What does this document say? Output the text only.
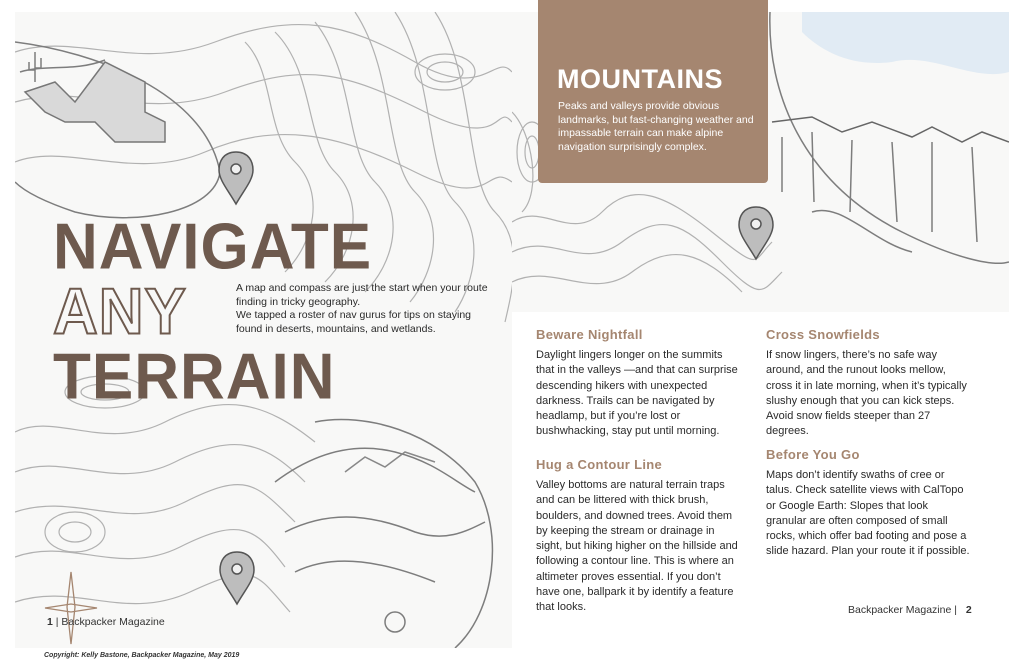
NAVIGATE
ANY
TERRAIN

A map and compass are just the start when your route finding in tricky geography.

We tapped a roster of nav gurus for tips on staying found in deserts, mountains, and wetlands.

1 | Backpacker Magazine
MOUNTAINS

Peaks and valleys provide obvious landmarks, but fast-changing weather and impassable terrain can make alpine navigation surprisingly complex.

Beware Nightfall

Daylight lingers longer on the summits that in the valleys —and that can surprise descending hikers with unexpected darkness. Trails can be navigated by headlamp, but if you’re lost or bushwhacking, stay put until morning.

Hug a Contour Line

Valley bottoms are natural terrain traps and can be littered with thick brush, boulders, and downed trees. Avoid them by keeping the stream or drainage in sight, but hiking higher on the hillside and following a contour line. This is where an altimeter proves essential. If you don’t have one, ballpark it by identify a feature that looks.

Cross Snowfields

If snow lingers, there’s no safe way around, and the runout looks mellow, cross it in late morning, when it’s typically slushy enough that you can kick steps. Avoid snow fields steeper than 27 degrees.

Before You Go

Maps don’t identify swaths of cree or talus. Check satellite views with CalTopo or Google Earth: Slopes that look granular are often composed of small rocks, which offer bad footing and pose a slide hazard. Plan your route it if possible.

Backpacker Magazine | 2
Copyright: Kelly Bastone, Backpacker Magazine, May 2019
